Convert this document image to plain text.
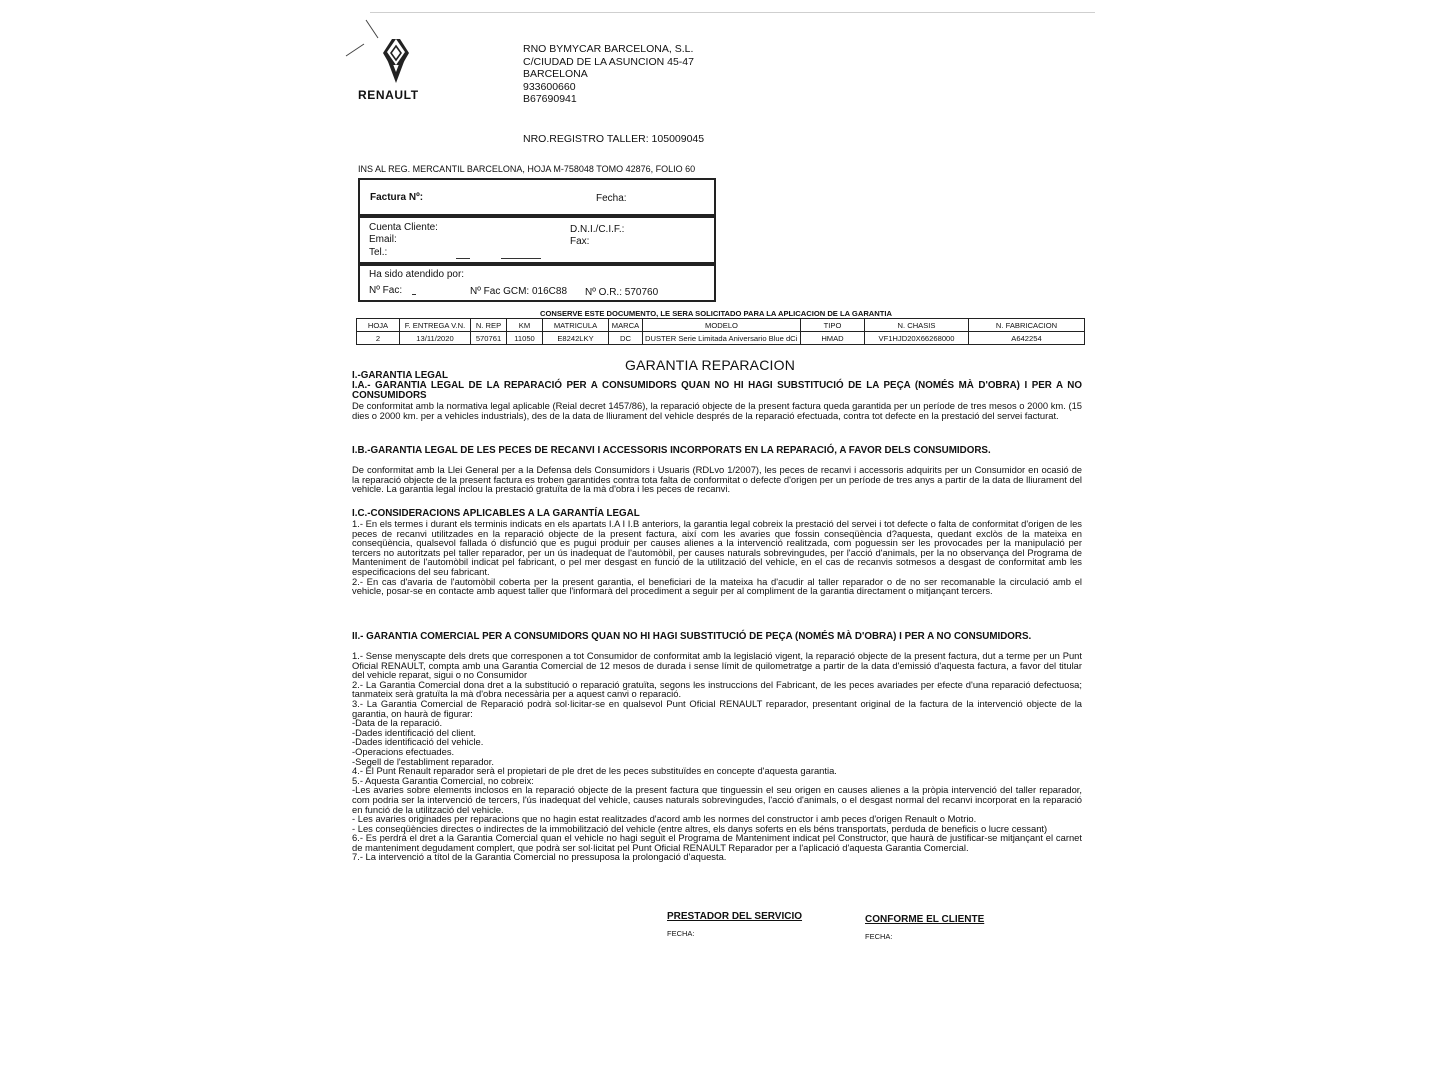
RENAULT
RNO BYMYCAR BARCELONA, S.L.
C/CIUDAD DE LA ASUNCION 45-47
BARCELONA
933600660
B67690941
NRO.REGISTRO TALLER: 105009045
INS AL REG. MERCANTIL BARCELONA, HOJA M-758048 TOMO 42876, FOLIO 60
Factura Nº:	Fecha:
Cuenta Cliente:
Email:
Tel.:
D.N.I./C.I.F.:
Fax:
Ha sido atendido por:
Nº Fac:	Nº Fac GCM: 016C88 Nº O.R.: 570760
CONSERVE ESTE DOCUMENTO, LE SERA SOLICITADO PARA LA APLICACION DE LA GARANTIA
HOJA	F. ENTREGA V.N.	N. REP	KM	MATRICULA	MARCA	MODELO	TIPO	N. CHASIS	N. FABRICACION
2	13/11/2020	570761	11050	E8242LKY	DC	DUSTER Serie Limitada Aniversario Blue dCi	HMAD	VF1HJD20X66268000	A642254
GARANTIA REPARACION
I.-GARANTIA LEGAL
I.A.- GARANTIA LEGAL DE LA REPARACIÓ PER A CONSUMIDORS QUAN NO HI HAGI SUBSTITUCIÓ DE LA PEÇA (NOMÉS MÀ D'OBRA) I PER A NO CONSUMIDORS
De conformitat amb la normativa legal aplicable (Reial decret 1457/86), la reparació objecte de la present factura queda garantida per un període de tres mesos o 2000 km. (15 dies o 2000 km. per a vehicles industrials), des de la data de lliurament del vehicle després de la reparació efectuada, contra tot defecte en la prestació del servei facturat.
I.B.-GARANTIA LEGAL DE LES PECES DE RECANVI I ACCESSORIS INCORPORATS EN LA REPARACIÓ, A FAVOR DELS CONSUMIDORS.
De conformitat amb la Llei General per a la Defensa dels Consumidors i Usuaris (RDLvo 1/2007), les peces de recanvi i accessoris adquirits per un Consumidor en ocasió de la reparació objecte de la present factura es troben garantides contra tota falta de conformitat o defecte d'origen per un període de tres anys a partir de la data de lliurament del vehicle. La garantia legal inclou la prestació gratuïta de la mà d'obra i les peces de recanvi.
I.C.-CONSIDERACIONS APLICABLES A LA GARANTÍA LEGAL
1.- En els termes i durant els terminis indicats en els apartats I.A I I.B anteriors, la garantia legal cobreix la prestació del servei i tot defecte o falta de conformitat d'origen de les peces de recanvi utilitzades en la reparació objecte de la present factura, així com les avaries que fossin conseqüència d?aquesta, quedant exclòs de la mateixa en conseqüència, qualsevol fallada ó disfunció que es pugui produir per causes alienes a la intervenció realitzada, com poguessin ser les provocades per la manipulació per tercers no autoritzats pel taller reparador, per un ús inadequat de l'automòbil, per causes naturals sobrevingudes, per l'acció d'animals, per la no observança del Programa de Manteniment de l'automòbil indicat pel fabricant, o pel mer desgast en funció de la utilització del vehicle, en el cas de recanvis sotmesos a desgast de conformitat amb les especificacions del seu fabricant.
2.- En cas d'avaria de l'automòbil coberta per la present garantia, el beneficiari de la mateixa ha d'acudir al taller reparador o de no ser recomanable la circulació amb el vehicle, posar-se en contacte amb aquest taller que l'informarà del procediment a seguir per al compliment de la garantia directament o mitjançant tercers.
II.- GARANTIA COMERCIAL PER A CONSUMIDORS QUAN NO HI HAGI SUBSTITUCIÓ DE PEÇA (NOMÉS MÀ D'OBRA) I PER A NO CONSUMIDORS.
1.- Sense menyscapte dels drets que corresponen a tot Consumidor de conformitat amb la legislació vigent, la reparació objecte de la present factura, dut a terme per un Punt Oficial RENAULT, compta amb una Garantia Comercial de 12 mesos de durada i sense límit de quilometratge a partir de la data d'emissió d'aquesta factura, a favor del titular del vehicle reparat, sigui o no Consumidor
2.- La Garantia Comercial dona dret a la substitució o reparació gratuïta, segons les instruccions del Fabricant, de les peces avariades per efecte d'una reparació defectuosa; tanmateix serà gratuïta la mà d'obra necessària per a aquest canvi o reparació.
3.- La Garantia Comercial de Reparació podrà sol·licitar-se en qualsevol Punt Oficial RENAULT reparador, presentant original de la factura de la intervenció objecte de la garantia, on haurà de figurar:
-Data de la reparació.
-Dades identificació del client.
-Dades identificació del vehicle.
-Operacions efectuades.
-Segell de l'establiment reparador.
4.- El Punt Renault reparador serà el propietari de ple dret de les peces substituïdes en concepte d'aquesta garantia.
5.- Aquesta Garantia Comercial, no cobreix:
-Les avaries sobre elements inclosos en la reparació objecte de la present factura que tinguessin el seu origen en causes alienes a la pròpia intervenció del taller reparador, com podria ser la intervenció de tercers, l'ús inadequat del vehicle, causes naturals sobrevingudes, l'acció d'animals, o el desgast normal del recanvi incorporat en la reparació en funció de la utilització del vehicle.
- Les avaries originades per reparacions que no hagin estat realitzades d'acord amb les normes del constructor i amb peces d'origen Renault o Motrio.
- Les conseqüències directes o indirectes de la immobilització del vehicle (entre altres, els danys soferts en els béns transportats, perduda de beneficis o lucre cessant)
6.- Es perdrà el dret a la Garantia Comercial quan el vehicle no hagi seguit el Programa de Manteniment indicat pel Constructor, que haurà de justificar-se mitjançant el carnet de manteniment degudament complert, que podrà ser sol·licitat pel Punt Oficial RENAULT Reparador per a l'aplicació d'aquesta Garantia Comercial.
7.- La intervenció a títol de la Garantia Comercial no pressuposa la prolongació d'aquesta.
PRESTADOR DEL SERVICIO
FECHA:
CONFORME EL CLIENTE
FECHA:
